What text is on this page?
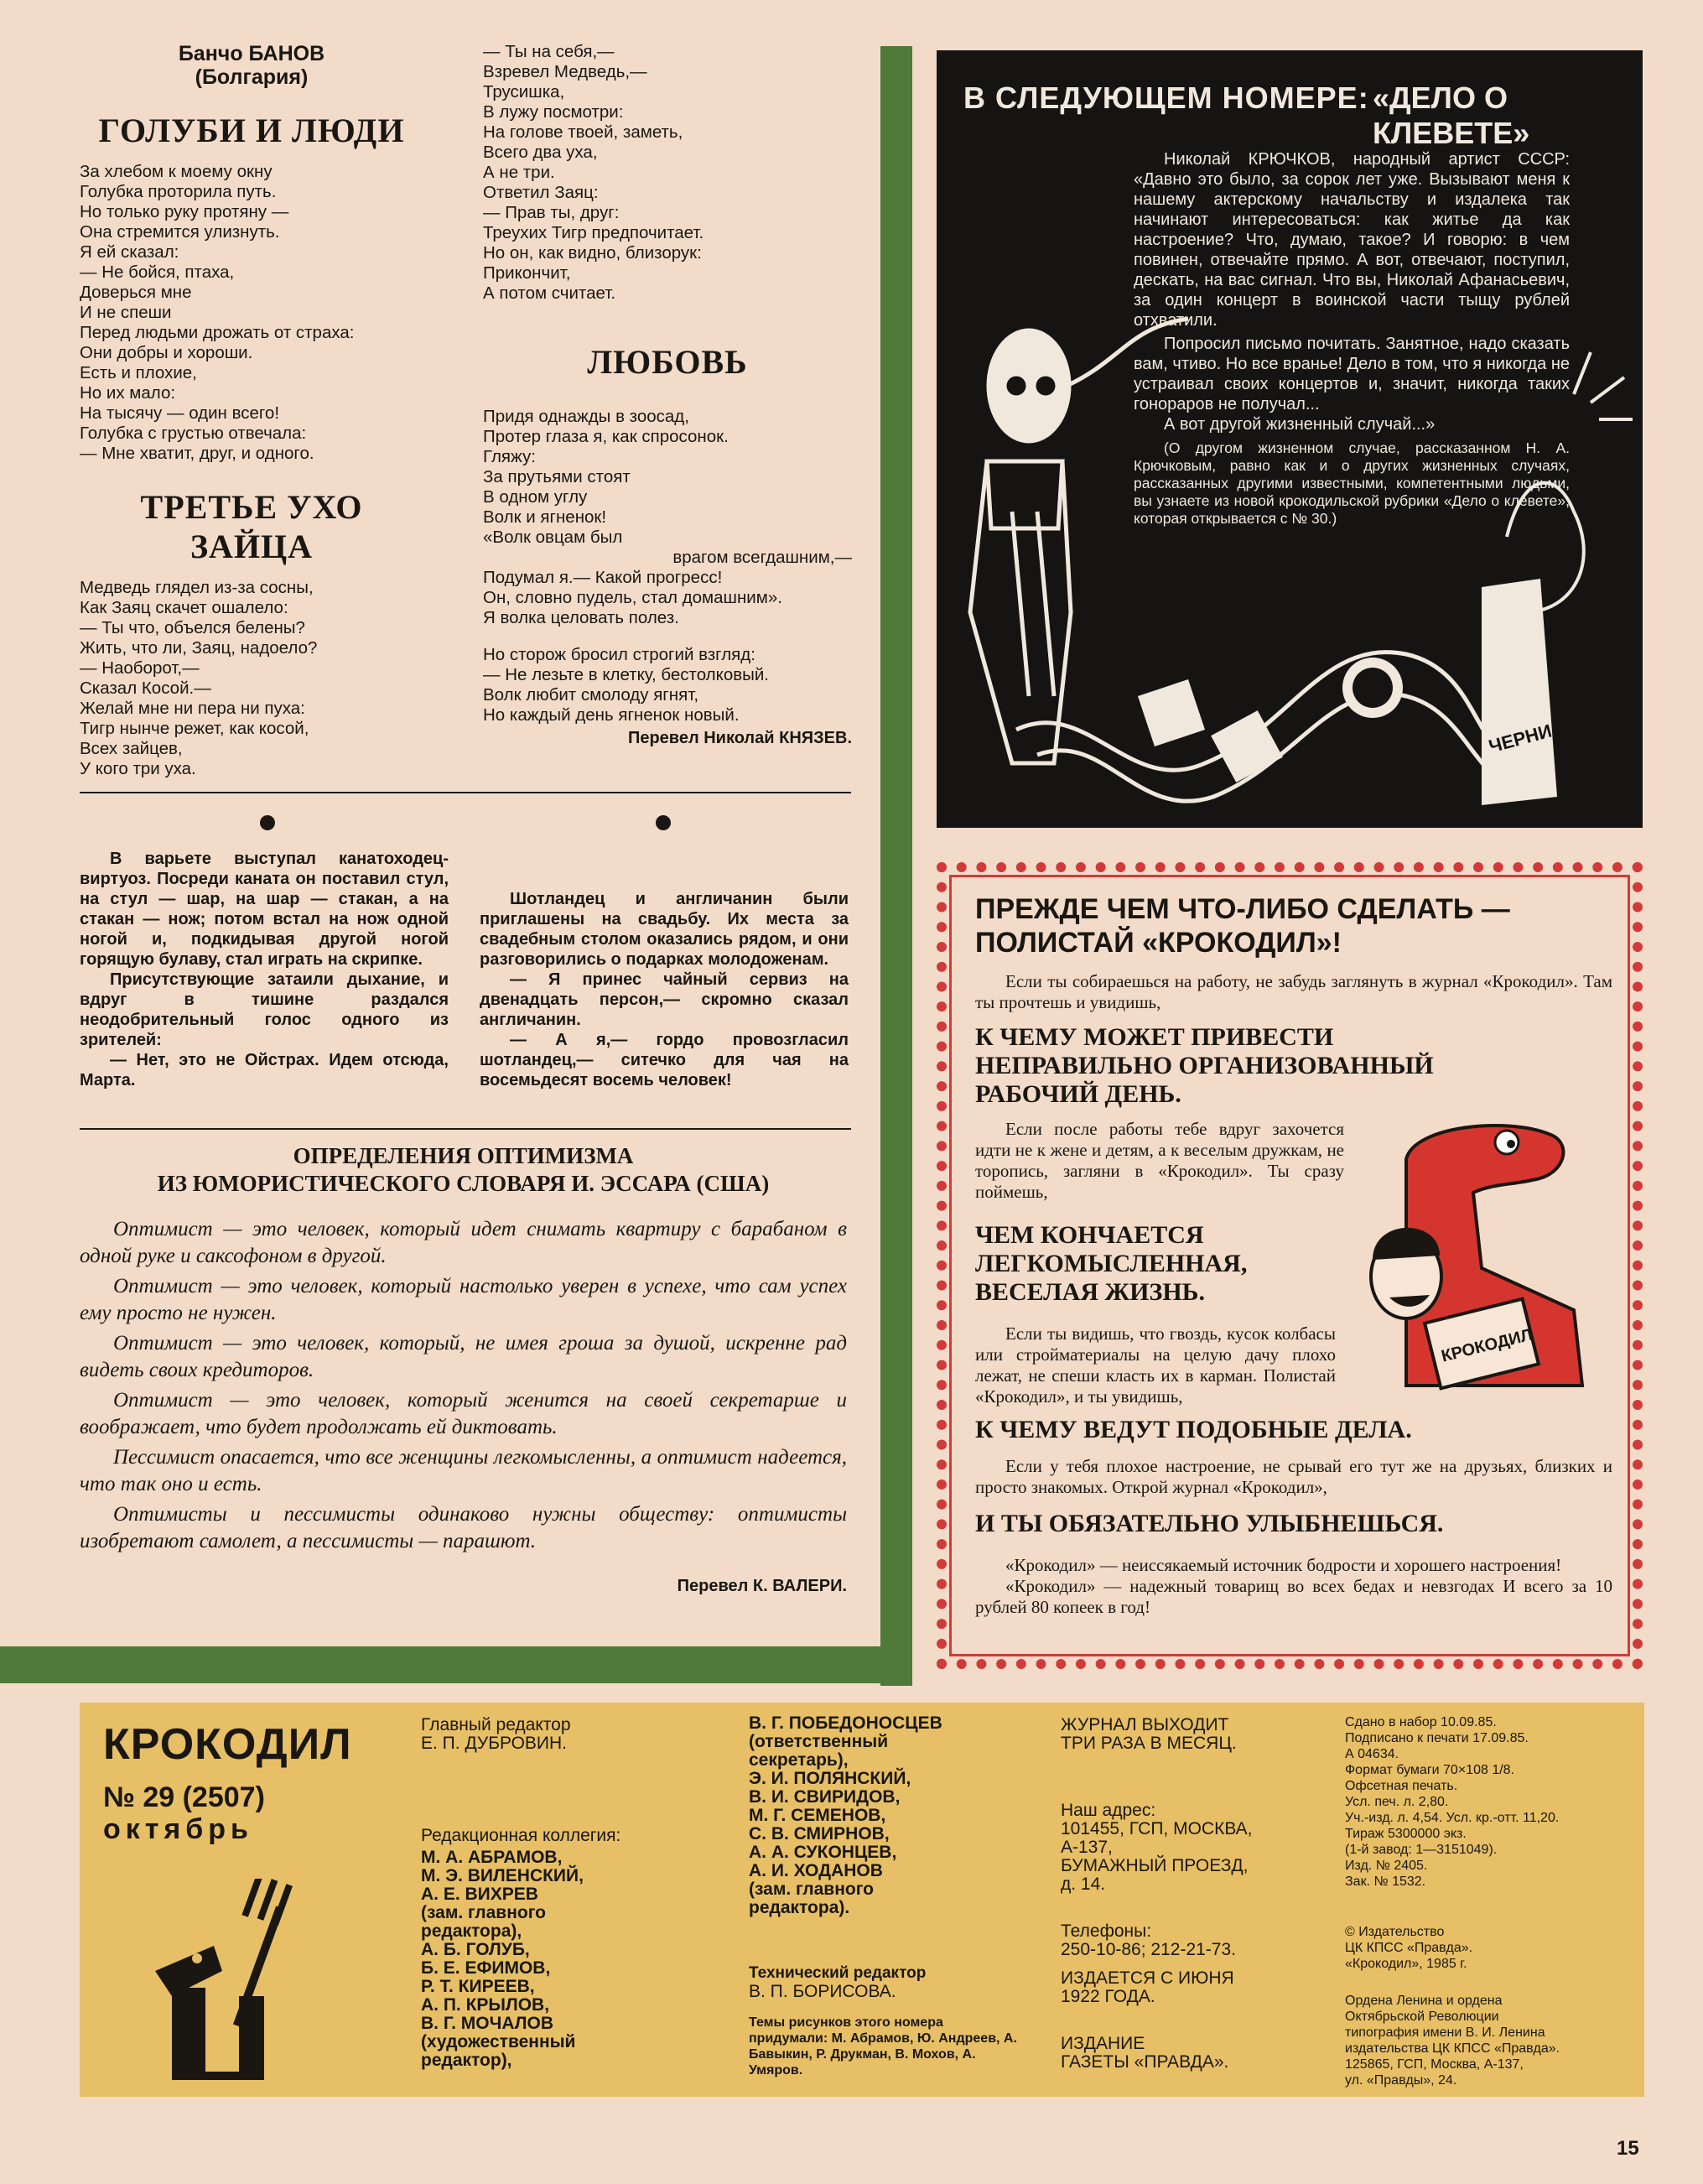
Банчо БАНОВ
(Болгария)
ГОЛУБИ И ЛЮДИ
За хлебом к моему окну
Голубка проторила путь.
Но только руку протяну —
Она стремится улизнуть.
Я ей сказал:
— Не бойся, птаха,
Доверься мне
И не спеши
Перед людьми дрожать от страха:
Они добры и хороши.
Есть и плохие,
Но их мало:
На тысячу — один всего!
Голубка с грустью отвечала:
— Мне хватит, друг, и одного.
ТРЕТЬЕ УХО ЗАЙЦА
Медведь глядел из-за сосны,
Как Заяц скачет ошалело:
— Ты что, объелся белены?
Жить, что ли, Заяц, надоело?
— Наоборот,—
Сказал Косой.—
Желай мне ни пера ни пуха:
Тигр нынче режет, как косой,
Всех зайцев,
У кого три уха.
— Ты на себя,—
Взревел Медведь,—
Трусишка,
В лужу посмотри:
На голове твоей, заметь,
Всего два уха,
А не три.
Ответил Заяц:
— Прав ты, друг:
Треухих Тигр предпочитает.
Но он, как видно, близорук:
Прикончит,
А потом считает.
ЛЮБОВЬ
Придя однажды в зоосад,
Протер глаза я, как спросонок.
Гляжу:
За прутьями стоят
В одном углу
Волк и ягненок!
«Волк овцам был
врагом всегдашним,—
Подумал я.— Какой прогресс!
Он, словно пудель, стал домашним».
Я волка целовать полез.
Но сторож бросил строгий взгляд:
— Не лезьте в клетку, бестолковый.
Волк любит смолоду ягнят,
Но каждый день ягненок новый.
Перевел Николай КНЯЗЕВ.

В варьете выступал канатоходец-виртуоз. Посреди каната он поставил стул, на стул — шар, на шар — стакан, а на стакан — нож; потом встал на нож одной ногой и, подкидывая другой ногой горящую булаву, стал играть на скрипке.

Присутствующие затаили дыхание, и вдруг в тишине раздался неодобрительный голос одного из зрителей:

— Нет, это не Ойстрах. Идем отсюда, Марта.

Шотландец и англичанин были приглашены на свадьбу. Их места за свадебным столом оказались рядом, и они разговорились о подарках молодоженам.

— Я принес чайный сервиз на двенадцать персон,— скромно сказал англичанин.

— А я,— гордо провозгласил шотландец,— ситечко для чая на восемьдесят восемь человек!

ОПРЕДЕЛЕНИЯ ОПТИМИЗМА
ИЗ ЮМОРИСТИЧЕСКОГО СЛОВАРЯ И. ЭССАРА (США)

Оптимист — это человек, который идет снимать квартиру с барабаном в одной руке и саксофоном в другой.

Оптимист — это человек, который настолько уверен в успехе, что сам успех ему просто не нужен.

Оптимист — это человек, который, не имея гроша за душой, искренне рад видеть своих кредиторов.

Оптимист — это человек, который женится на своей секретарше и воображает, что будет продолжать ей диктовать.

Пессимист опасается, что все женщины легкомысленны, а оптимист надеется, что так оно и есть.

Оптимисты и пессимисты одинаково нужны обществу: оптимисты изобретают самолет, а пессимисты — парашют.

Перевел К. ВАЛЕРИ.
В СЛЕДУЮЩЕМ НОМЕРЕ: «ДЕЛО О КЛЕВЕТЕ»

Николай КРЮЧКОВ, народный артист СССР: «Давно это было, за сорок лет уже. Вызывают меня к нашему актерскому начальству и издалека так начинают интересоваться: как житье да как настроение? Что, думаю, такое? И говорю: в чем повинен, отвечайте прямо. А вот, отвечают, поступил, дескать, на вас сигнал. Что вы, Николай Афанасьевич, за один концерт в воинской части тыщу рублей отхватили.

Попросил письмо почитать. Занятное, надо сказать вам, чтиво. Но все вранье! Дело в том, что я никогда не устраивал своих концертов и, значит, никогда таких гонораров не получал...

А вот другой жизненный случай...»

(О другом жизненном случае, рассказанном Н. А. Крючковым, равно как и о других жизненных случаях, рассказанных другими известными, компетентными людьми, вы узнаете из новой крокодильской рубрики «Дело о клевете», которая открывается с № 30.)

ЧЕРНИЛА
ПРЕЖДЕ ЧЕМ ЧТО-ЛИБО СДЕЛАТЬ — ПОЛИСТАЙ «КРОКОДИЛ»!

Если ты собираешься на работу, не забудь заглянуть в журнал «Крокодил». Там ты прочтешь и увидишь,

К ЧЕМУ МОЖЕТ ПРИВЕСТИ НЕПРАВИЛЬНО ОРГАНИЗОВАННЫЙ РАБОЧИЙ ДЕНЬ.

Если после работы тебе вдруг захочется идти не к жене и детям, а к веселым дружкам, не торопись, загляни в «Крокодил». Ты сразу поймешь,

ЧЕМ КОНЧАЕТСЯ ЛЕГКОМЫСЛЕННАЯ, ВЕСЕЛАЯ ЖИЗНЬ.

Если ты видишь, что гвоздь, кусок колбасы или стройматериалы на целую дачу плохо лежат, не спеши класть их в карман. Полистай «Крокодил», и ты увидишь,

К ЧЕМУ ВЕДУТ ПОДОБНЫЕ ДЕЛА.

Если у тебя плохое настроение, не срывай его тут же на друзьях, близких и просто знакомых. Открой журнал «Крокодил»,

И ТЫ ОБЯЗАТЕЛЬНО УЛЫБНЕШЬСЯ.

«Крокодил» — неиссякаемый источник бодрости и хорошего настроения!

«Крокодил» — надежный товарищ во всех бедах и невзгодах И всего за 10 рублей 80 копеек в год!

КРОКОДИЛ
КРОКОДИЛ
№ 29 (2507)
октябрь
Главный редактор
Е. П. ДУБРОВИН.
Редакционная коллегия:
М. А. АБРАМОВ,
М. Э. ВИЛЕНСКИЙ,
А. Е. ВИХРЕВ
(зам. главного
редактора),
А. Б. ГОЛУБ,
Б. Е. ЕФИМОВ,
Р. Т. КИРЕЕВ,
А. П. КРЫЛОВ,
В. Г. МОЧАЛОВ
(художественный
редактор),
В. Г. ПОБЕДОНОСЦЕВ
(ответственный
секретарь),
Э. И. ПОЛЯНСКИЙ,
В. И. СВИРИДОВ,
М. Г. СЕМЕНОВ,
С. В. СМИРНОВ,
А. А. СУКОНЦЕВ,
А. И. ХОДАНОВ
(зам. главного
редактора).
Технический редактор
В. П. БОРИСОВА.
Темы рисунков этого номера придумали: М. Абрамов, Ю. Андреев, А. Бавыкин, Р. Друкман, В. Мохов, А. Умяров.
ЖУРНАЛ ВЫХОДИТ
ТРИ РАЗА В МЕСЯЦ.
Наш адрес:
101455, ГСП, МОСКВА,
А-137,
БУМАЖНЫЙ ПРОЕЗД,
д. 14.
Телефоны:
250-10-86; 212-21-73.
ИЗДАЕТСЯ С ИЮНЯ
1922 ГОДА.
ИЗДАНИЕ
ГАЗЕТЫ «ПРАВДА».
Сдано в набор 10.09.85.
Подписано к печати 17.09.85.
А 04634.
Формат бумаги 70×108 1/8.
Офсетная печать.
Усл. печ. л. 2,80.
Уч.-изд. л. 4,54. Усл. кр.-отт. 11,20.
Тираж 5300000 экз.
(1-й завод: 1—3151049).
Изд. № 2405.
Зак. № 1532.
© Издательство
ЦК КПСС «Правда».
«Крокодил», 1985 г.
Ордена Ленина и ордена
Октябрьской Революции
типография имени В. И. Ленина
издательства ЦК КПСС «Правда».
125865, ГСП, Москва, А-137,
ул. «Правды», 24.
15
